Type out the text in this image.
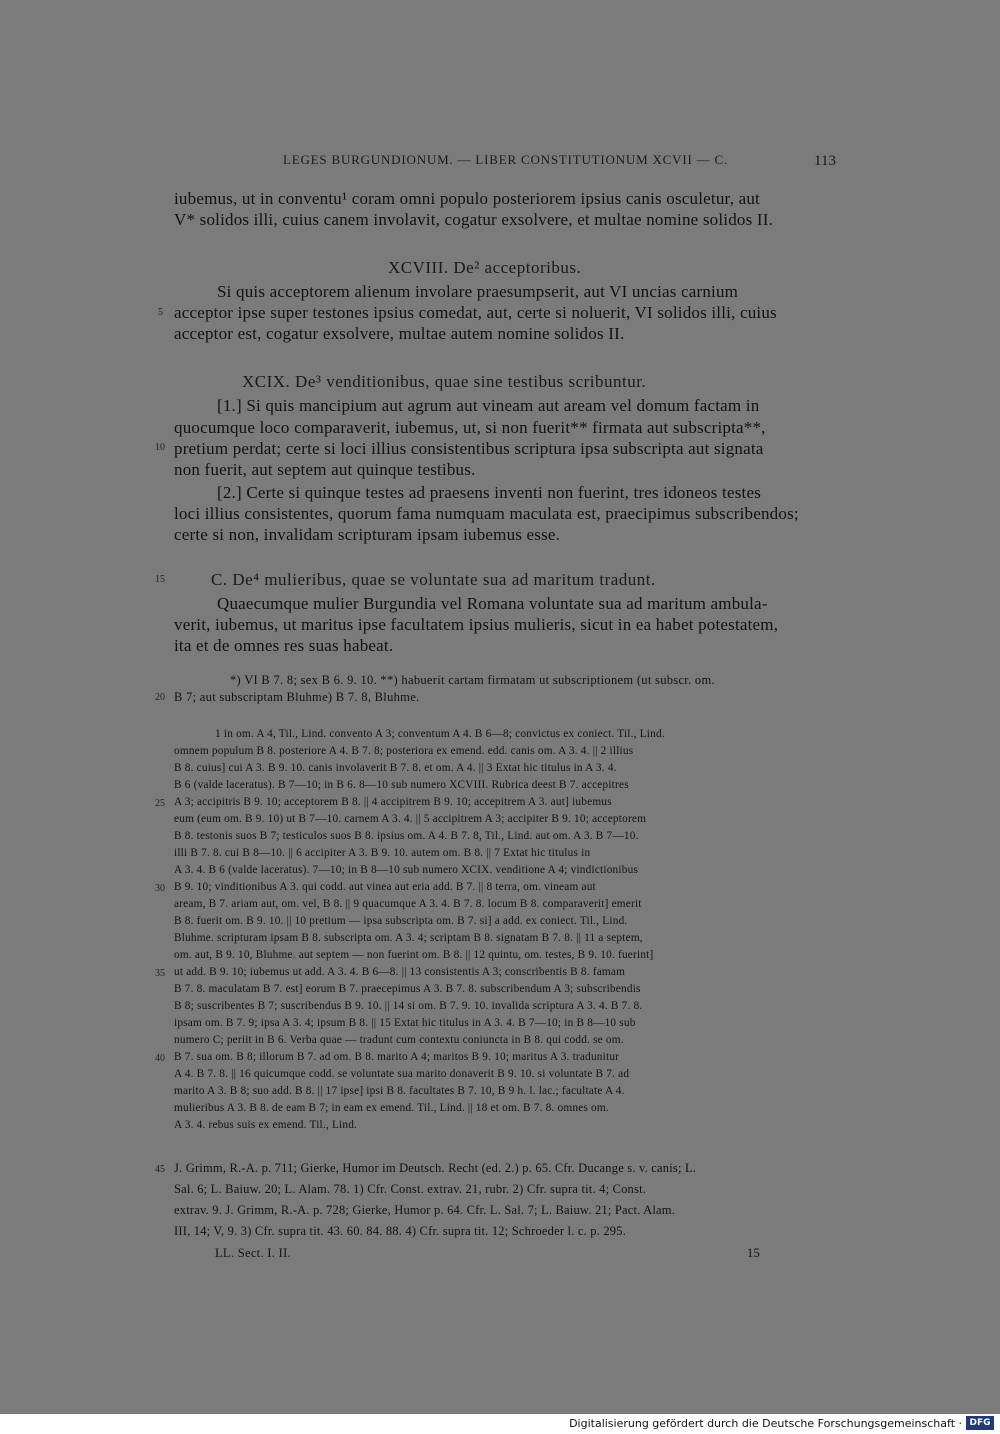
LEGES BURGUNDIONUM. — LIBER CONSTITUTIONUM XCVII — C.	113
iubemus, ut in conventu¹ coram omni populo posteriorem ipsius canis osculetur, aut
V* solidos illi, cuius canem involavit, cogatur exsolvere, et multae nomine solidos II.
XCVIII. De² acceptoribus.
Si quis acceptorem alienum involare praesumpserit, aut VI uncias carnium
acceptor ipse super testones ipsius comedat, aut, certe si noluerit, VI solidos illi, cuius
acceptor est, cogatur exsolvere, multae autem nomine solidos II.
XCIX. De³ venditionibus, quae sine testibus scribuntur.
[1.] Si quis mancipium aut agrum aut vineam aut aream vel domum factam in
quocumque loco comparaverit, iubemus, ut, si non fuerit** firmata aut subscripta**,
pretium perdat; certe si loci illius consistentibus scriptura ipsa subscripta aut signata
non fuerit, aut septem aut quinque testibus.
[2.] Certe si quinque testes ad praesens inventi non fuerint, tres idoneos testes
loci illius consistentes, quorum fama numquam maculata est, praecipimus subscribendos;
certe si non, invalidam scripturam ipsam iubemus esse.
C. De⁴ mulieribus, quae se voluntate sua ad maritum tradunt.
Quaecumque mulier Burgundia vel Romana voluntate sua ad maritum ambula-
verit, iubemus, ut maritus ipse facultatem ipsius mulieris, sicut in ea habet potestatem,
ita et de omnes res suas habeat.
*) VI B 7. 8; sex B 6. 9. 10. **) habuerit cartam firmatam ut subscriptionem (ut subscr. om.
B 7; aut subscriptam Bluhme) B 7. 8, Bluhme.
1 in om. A 4, Til., Lind. convento A 3; conventum A 4. B 6—8; convictus ex coniect. Til., Lind.
omnem populum B 8. posteriore A 4. B 7. 8; posteriora ex emend. edd. canis om. A 3. 4. || 2 illius
B 8. cuius] cui A 3. B 9. 10. canis involaverit B 7. 8. et om. A 4. || 3 Extat hic titulus in A 3. 4.
B 6 (valde laceratus). B 7—10; in B 6. 8—10 sub numero XCVIII. Rubrica deest B 7. accepitres
A 3; accipitris B 9. 10; acceptorem B 8. || 4 accipitrem B 9. 10; accepitrem A 3. aut] iubemus
eum (eum om. B 9. 10) ut B 7—10. carnem A 3. 4. || 5 accipitrem A 3; accipiter B 9. 10; acceptorem
B 8. testonis suos B 7; testiculos suos B 8. ipsius om. A 4. B 7. 8, Til., Lind. aut om. A 3. B 7—10.
illi B 7. 8. cui B 8—10. || 6 accipiter A 3. B 9. 10. autem om. B 8. || 7 Extat hic titulus in
A 3. 4. B 6 (valde laceratus). 7—10; in B 8—10 sub numero XCIX. venditione A 4; vindictionibus
B 9. 10; vinditionibus A 3. qui codd. aut vinea aut eria add. B 7. || 8 terra, om. vineam aut
aream, B 7. ariam aut, om. vel, B 8. || 9 quacumque A 3. 4. B 7. 8. locum B 8. comparaverit] emerit
B 8. fuerit om. B 9. 10. || 10 pretium — ipsa subscripta om. B 7. si] a add. ex coniect. Til., Lind.
Bluhme. scripturam ipsam B 8. subscripta om. A 3. 4; scriptam B 8. signatam B 7. 8. || 11 a septem,
om. aut, B 9. 10, Bluhme. aut septem — non fuerint om. B 8. || 12 quintu, om. testes, B 9. 10. fuerint]
ut add. B 9. 10; iubemus ut add. A 3. 4. B 6—8. || 13 consistentis A 3; conscribentis B 8. famam
B 7. 8. maculatam B 7. est] eorum B 7. praecepimus A 3. B 7. 8. subscribendum A 3; subscribendis
B 8; suscribentes B 7; suscribendus B 9. 10. || 14 si om. B 7. 9. 10. invalida scriptura A 3. 4. B 7. 8.
ipsam om. B 7. 9; ipsa A 3. 4; ipsum B 8. || 15 Extat hic titulus in A 3. 4. B 7—10; in B 8—10 sub
numero C; periit in B 6. Verba quae — tradunt cum contextu coniuncta in B 8. qui codd. se om.
B 7. sua om. B 8; illorum B 7. ad om. B 8. marito A 4; maritos B 9. 10; maritus A 3. tradunitur
A 4. B 7. 8. || 16 quicumque codd. se voluntate sua marito donaverit B 9. 10. si voluntate B 7. ad
marito A 3. B 8; suo add. B 8. || 17 ipse] ipsi B 8. facultates B 7. 10, B 9 h. l. lac.; facultate A 4.
mulieribus A 3. B 8. de eam B 7; in eam ex emend. Til., Lind. || 18 et om. B 7. 8. omnes om.
A 3. 4. rebus suis ex emend. Til., Lind.
J. Grimm, R.-A. p. 711; Gierke, Humor im Deutsch. Recht (ed. 2.) p. 65. Cfr. Ducange s. v. canis; L.
Sal. 6; L. Baiuw. 20; L. Alam. 78. 1) Cfr. Const. extrav. 21, rubr. 2) Cfr. supra tit. 4; Const.
extrav. 9. J. Grimm, R.-A. p. 728; Gierke, Humor p. 64. Cfr. L. Sal. 7; L. Baiuw. 21; Pact. Alam.
III, 14; V, 9. 3) Cfr. supra tit. 43. 60. 84. 88. 4) Cfr. supra tit. 12; Schroeder l. c. p. 295.
LL. Sect. I. II.	15
5
10
15
20
25
30
35
40
45
Digitalisierung gefördert durch die Deutsche Forschungsgemeinschaft · DFG
